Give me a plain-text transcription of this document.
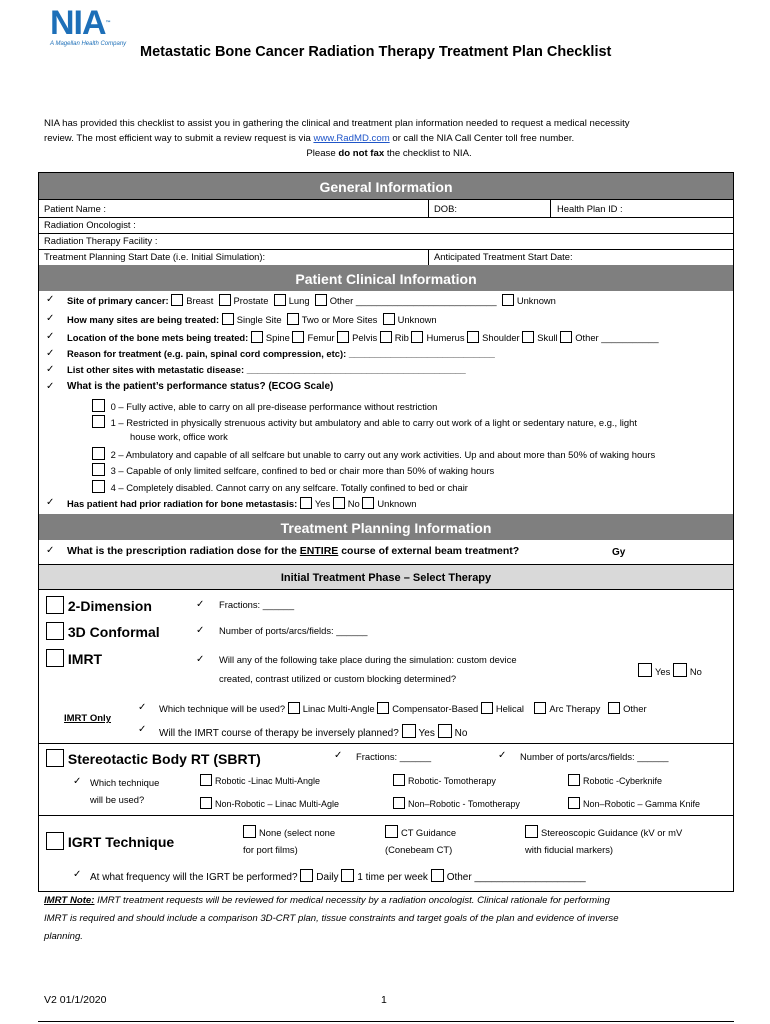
NIA™
A Magellan Health Company Metastatic Bone Cancer Radiation Therapy Treatment Plan Checklist
NIA has provided this checklist to assist you in gathering the clinical and treatment plan information needed to request a medical necessity
review. The most efficient way to submit a review request is via www.RadMD.com or call the NIA Call Center toll free number.
Please do not fax the checklist to NIA.
General Information
Patient Name :	DOB:	Health Plan ID :
Radiation Oncologist :
Radiation Therapy Facility :
Treatment Planning Start Date (i.e. Initial Simulation):	Anticipated Treatment Start Date:
Patient Clinical Information
✓ Site of primary cancer: Breast Prostate Lung Other ___________________________ Unknown
✓ How many sites are being treated: Single Site Two or More Sites Unknown
✓ Location of the bone mets being treated: Spine Femur Pelvis Rib Humerus Shoulder Skull Other ___________
✓ Reason for treatment (e.g. pain, spinal cord compression, etc): ____________________________
✓ List other sites with metastatic disease: __________________________________________
✓ What is the patient’s performance status? (ECOG Scale)
0 – Fully active, able to carry on all pre-disease performance without restriction
1 – Restricted in physically strenuous activity but ambulatory and able to carry out work of a light or sedentary nature, e.g., light
house work, office work
2 – Ambulatory and capable of all selfcare but unable to carry out any work activities. Up and about more than 50% of waking hours
3 – Capable of only limited selfcare, confined to bed or chair more than 50% of waking hours
4 – Completely disabled. Cannot carry on any selfcare. Totally confined to bed or chair
✓ Has patient had prior radiation for bone metastasis: Yes No Unknown
Treatment Planning Information
✓ What is the prescription radiation dose for the ENTIRE course of external beam treatment?	Gy
Initial Treatment Phase – Select Therapy
2-Dimension	✓ Fractions: ______
3D Conformal	✓ Number of ports/arcs/fields: ______
IMRT	✓ Will any of the following take place during the simulation: custom device
created, contrast utilized or custom blocking determined?
Yes No
IMRT Only
✓ Which technique will be used? Linac Multi-Angle Compensator-Based Helical	Arc Therapy Other
✓ Will the IMRT course of therapy be inversely planned? Yes No
Stereotactic Body RT (SBRT)	✓ Fractions: ______	✓ Number of ports/arcs/fields: ______
✓ Which technique
will be used?
Robotic -Linac Multi-Angle	Robotic- Tomotherapy	Robotic -Cyberknife
Non-Robotic – Linac Multi-Agle	Non–Robotic - Tomotherapy	Non–Robotic – Gamma Knife
IGRT Technique
None (select none
for port films)
CT Guidance
(Conebeam CT)
Stereoscopic Guidance (kV or mV
with fiducial markers)
✓ At what frequency will the IGRT be performed? Daily 1 time per week Other ____________________
IMRT Note: IMRT treatment requests will be reviewed for medical necessity by a radiation oncologist. Clinical rationale for performing
IMRT is required and should include a comparison 3D-CRT plan, tissue constraints and target goals of the plan and evidence of inverse
planning.
V2 01/1/2020	1
